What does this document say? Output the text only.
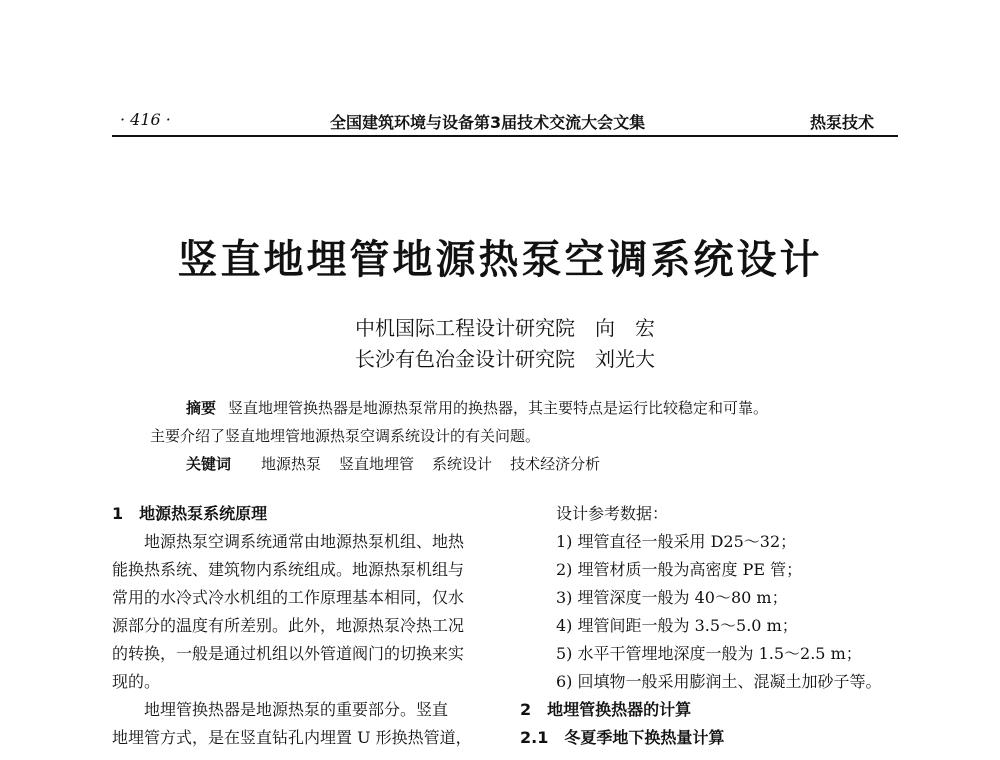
· 416 ·	全国建筑环境与设备第3届技术交流大会文集	热泵技术
竖直地埋管地源热泵空调系统设计
中机国际工程设计研究院 向　宏
长沙有色冶金设计研究院 刘光大
摘要 竖直地埋管换热器是地源热泵常用的换热器，其主要特点是运行比较稳定和可靠。
主要介绍了竖直地埋管地源热泵空调系统设计的有关问题。
关键词 地源热泵 竖直地埋管 系统设计 技术经济分析

1　地源热泵系统原理

　　地源热泵空调系统通常由地源热泵机组、地热

能换热系统、建筑物内系统组成。地源热泵机组与

常用的水冷式冷水机组的工作原理基本相同，仅水

源部分的温度有所差别。此外，地源热泵冷热工况

的转换，一般是通过机组以外管道阀门的切换来实

现的。

　　地埋管换热器是地源热泵的重要部分。竖直

地埋管方式，是在竖直钻孔内埋置 U 形换热管道，

设计参考数据：

1) 埋管直径一般采用 D25～32；

2) 埋管材质一般为高密度 PE 管；

3) 埋管深度一般为 40～80 m；

4) 埋管间距一般为 3.5～5.0 m；

5) 水平干管埋地深度一般为 1.5～2.5 m；

6) 回填物一般采用膨润土、混凝土加砂子等。

2　地埋管换热器的计算

2.1　冬夏季地下换热量计算
